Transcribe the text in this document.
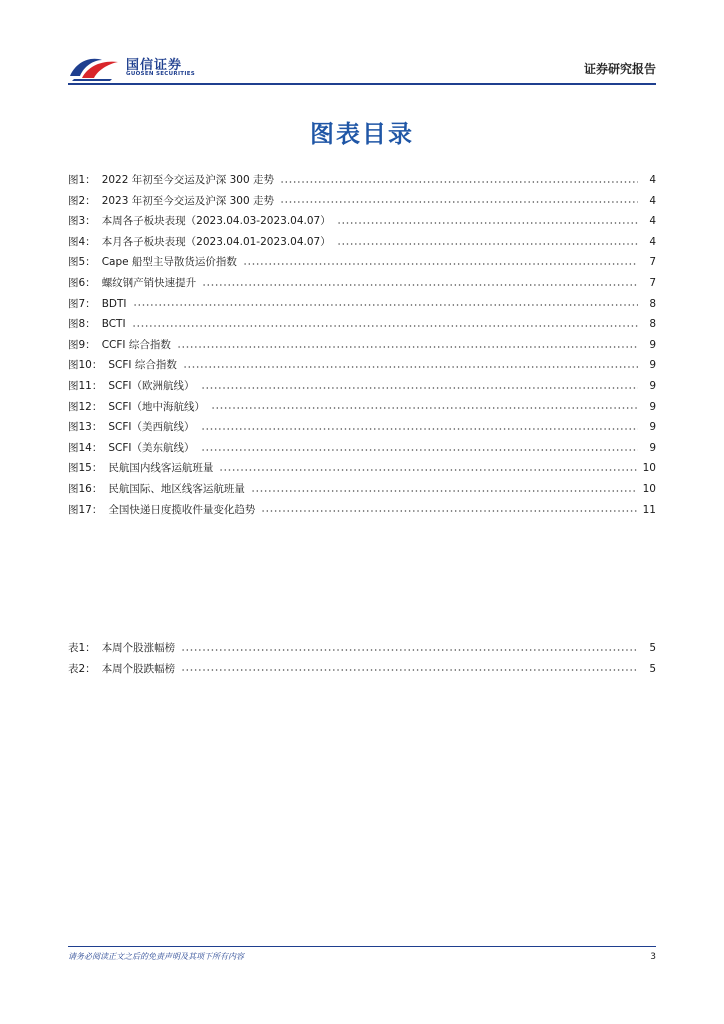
国信证券
GUOSEN SECURITIES	证券研究报告
图表目录
图1： 2022 年初至今交运及沪深 300 走势	4
图2： 2023 年初至今交运及沪深 300 走势	4
图3： 本周各子板块表现（2023.04.03-2023.04.07）	4
图4： 本月各子板块表现（2023.04.01-2023.04.07）	4
图5： Cape 船型主导散货运价指数	7
图6： 螺纹钢产销快速提升	7
图7： BDTI	8
图8： BCTI	8
图9： CCFI 综合指数	9
图10： SCFI 综合指数	9
图11： SCFI（欧洲航线）	9
图12： SCFI（地中海航线）	9
图13： SCFI（美西航线）	9
图14： SCFI（美东航线）	9
图15： 民航国内线客运航班量	10
图16： 民航国际、地区线客运航班量	10
图17： 全国快递日度揽收件量变化趋势	11
表1： 本周个股涨幅榜	5
表2： 本周个股跌幅榜	5
请务必阅读正文之后的免责声明及其项下所有内容	3
